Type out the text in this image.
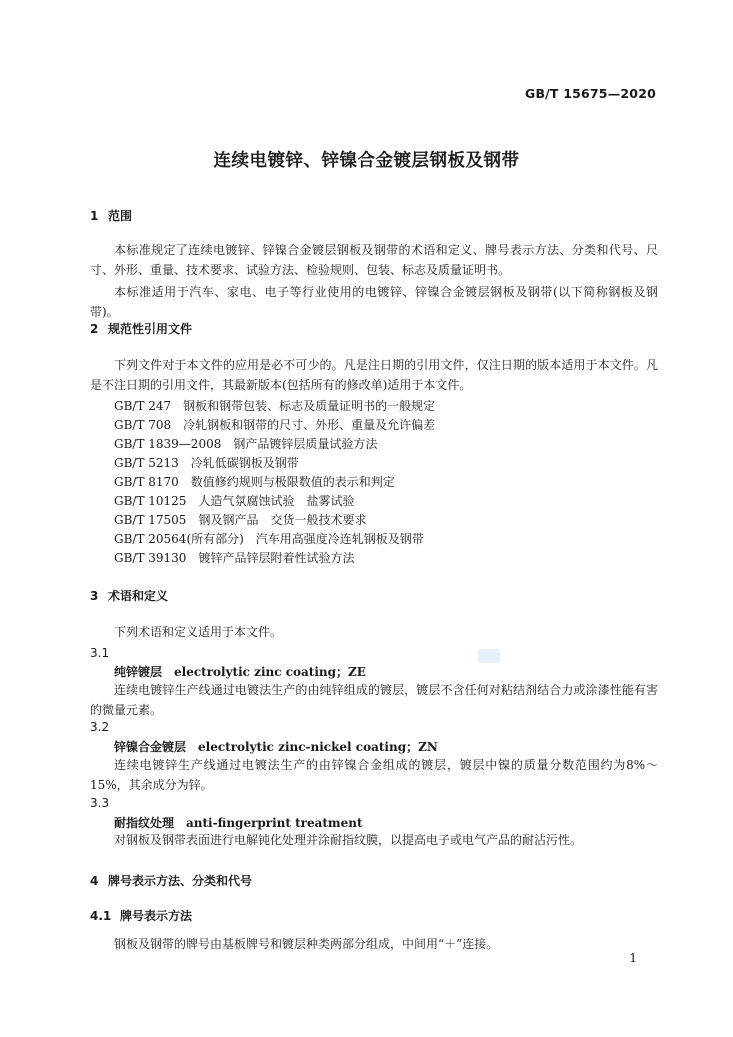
GB/T 15675—2020
连续电镀锌、锌镍合金镀层钢板及钢带
1 范围
本标准规定了连续电镀锌、锌镍合金镀层钢板及钢带的术语和定义、牌号表示方法、分类和代号、尺寸、外形、重量、技术要求、试验方法、检验规则、包装、标志及质量证明书。
本标准适用于汽车、家电、电子等行业使用的电镀锌、锌镍合金镀层钢板及钢带(以下简称钢板及钢带)。
2 规范性引用文件
下列文件对于本文件的应用是必不可少的。凡是注日期的引用文件，仅注日期的版本适用于本文件。凡是不注日期的引用文件，其最新版本(包括所有的修改单)适用于本文件。
GB/T 247　钢板和钢带包装、标志及质量证明书的一般规定
GB/T 708　冷轧钢板和钢带的尺寸、外形、重量及允许偏差
GB/T 1839—2008　钢产品镀锌层质量试验方法
GB/T 5213　冷轧低碳钢板及钢带
GB/T 8170　数值修约规则与极限数值的表示和判定
GB/T 10125　人造气氛腐蚀试验　盐雾试验
GB/T 17505　钢及钢产品　交货一般技术要求
GB/T 20564(所有部分)　汽车用高强度冷连轧钢板及钢带
GB/T 39130　镀锌产品锌层附着性试验方法
3 术语和定义
下列术语和定义适用于本文件。
3.1
纯锌镀层 electrolytic zinc coating；ZE
连续电镀锌生产线通过电镀法生产的由纯锌组成的镀层，镀层不含任何对粘结剂结合力或涂漆性能有害的微量元素。
3.2
锌镍合金镀层 electrolytic zinc-nickel coating；ZN
连续电镀锌生产线通过电镀法生产的由锌镍合金组成的镀层，镀层中镍的质量分数范围约为8%～15%，其余成分为锌。
3.3
耐指纹处理 anti-fingerprint treatment
对钢板及钢带表面进行电解钝化处理并涂耐指纹膜，以提高电子或电气产品的耐沾污性。
4 牌号表示方法、分类和代号
4.1 牌号表示方法
钢板及钢带的牌号由基板牌号和镀层种类两部分组成，中间用“＋”连接。
1
